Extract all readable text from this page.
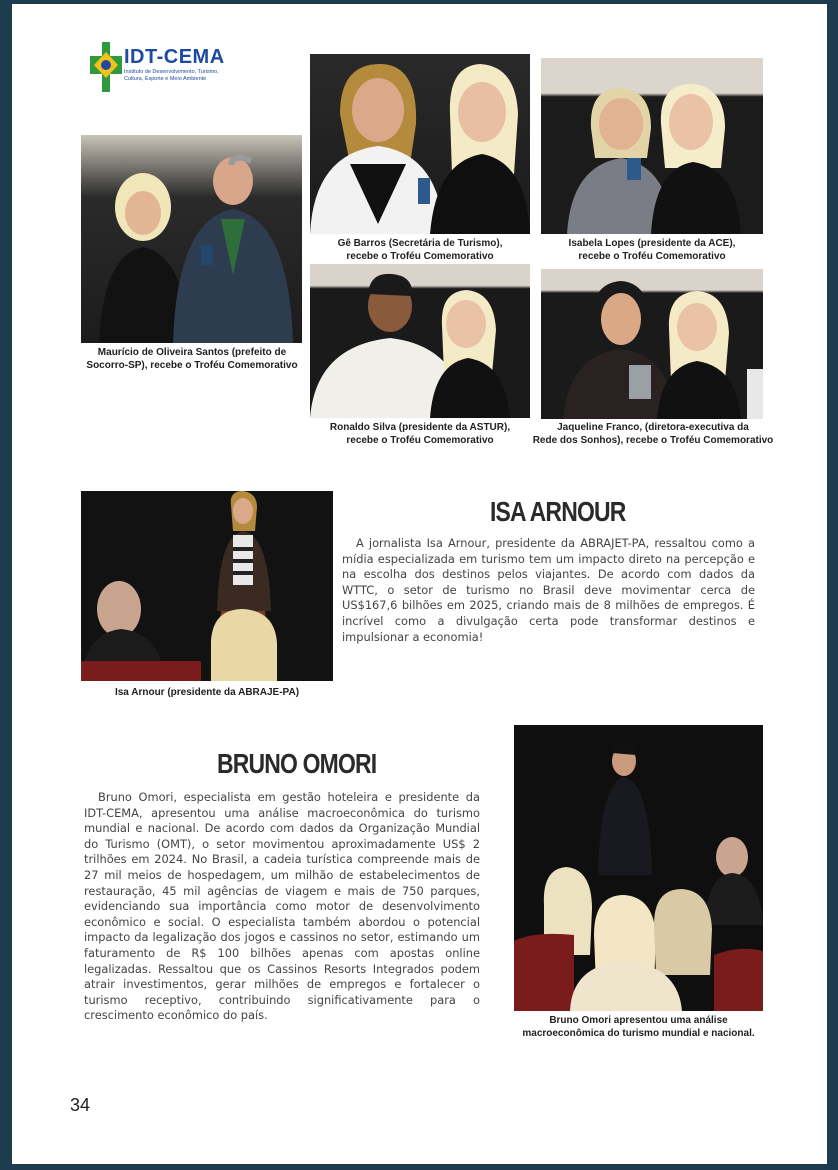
IDT-CEMA
Instituto de Desenvolvimento, Turismo,
Cultura, Esporte e Meio Ambiente
Maurício de Oliveira Santos (prefeito de
Socorro-SP), recebe o Troféu Comemorativo
Gê Barros (Secretária de Turismo),
recebe o Troféu Comemorativo
Isabela Lopes (presidente da ACE),
recebe o Troféu Comemorativo
Ronaldo Silva (presidente da ASTUR),
recebe o Troféu Comemorativo
Jaqueline Franco, (diretora-executiva da
Rede dos Sonhos), recebe o Troféu Comemorativo
Isa Arnour (presidente da ABRAJE-PA)
ISA ARNOUR

A jornalista Isa Arnour, presidente da ABRAJET-PA, ressaltou como a mídia especializada em turismo tem um impacto direto na percepção e na escolha dos destinos pelos viajantes. De acordo com dados da WTTC, o setor de turismo no Brasil deve movimentar cerca de US$167,6 bilhões em 2025, criando mais de 8 milhões de empregos. É incrível como a divulgação certa pode transformar destinos e impulsionar a economia!

BRUNO OMORI

Bruno Omori, especialista em gestão hoteleira e presidente da IDT-CEMA, apresentou uma análise macroeconômica do turismo mundial e nacional. De acordo com dados da Organização Mundial do Turismo (OMT), o setor movimentou aproximadamente US$ 2 trilhões em 2024. No Brasil, a cadeia turística compreende mais de 27 mil meios de hospedagem, um milhão de estabelecimentos de restauração, 45 mil agências de viagem e mais de 750 parques, evidenciando sua importância como motor de desenvolvimento econômico e social. O especialista também abordou o potencial impacto da legalização dos jogos e cassinos no setor, estimando um faturamento de R$ 100 bilhões apenas com apostas online legalizadas. Ressaltou que os Cassinos Resorts Integrados podem atrair investimentos, gerar milhões de empregos e fortalecer o turismo receptivo, contribuindo significativamente para o crescimento econômico do país.	Bruno Omori apresentou uma análise
macroeconômica do turismo mundial e nacional.
34
